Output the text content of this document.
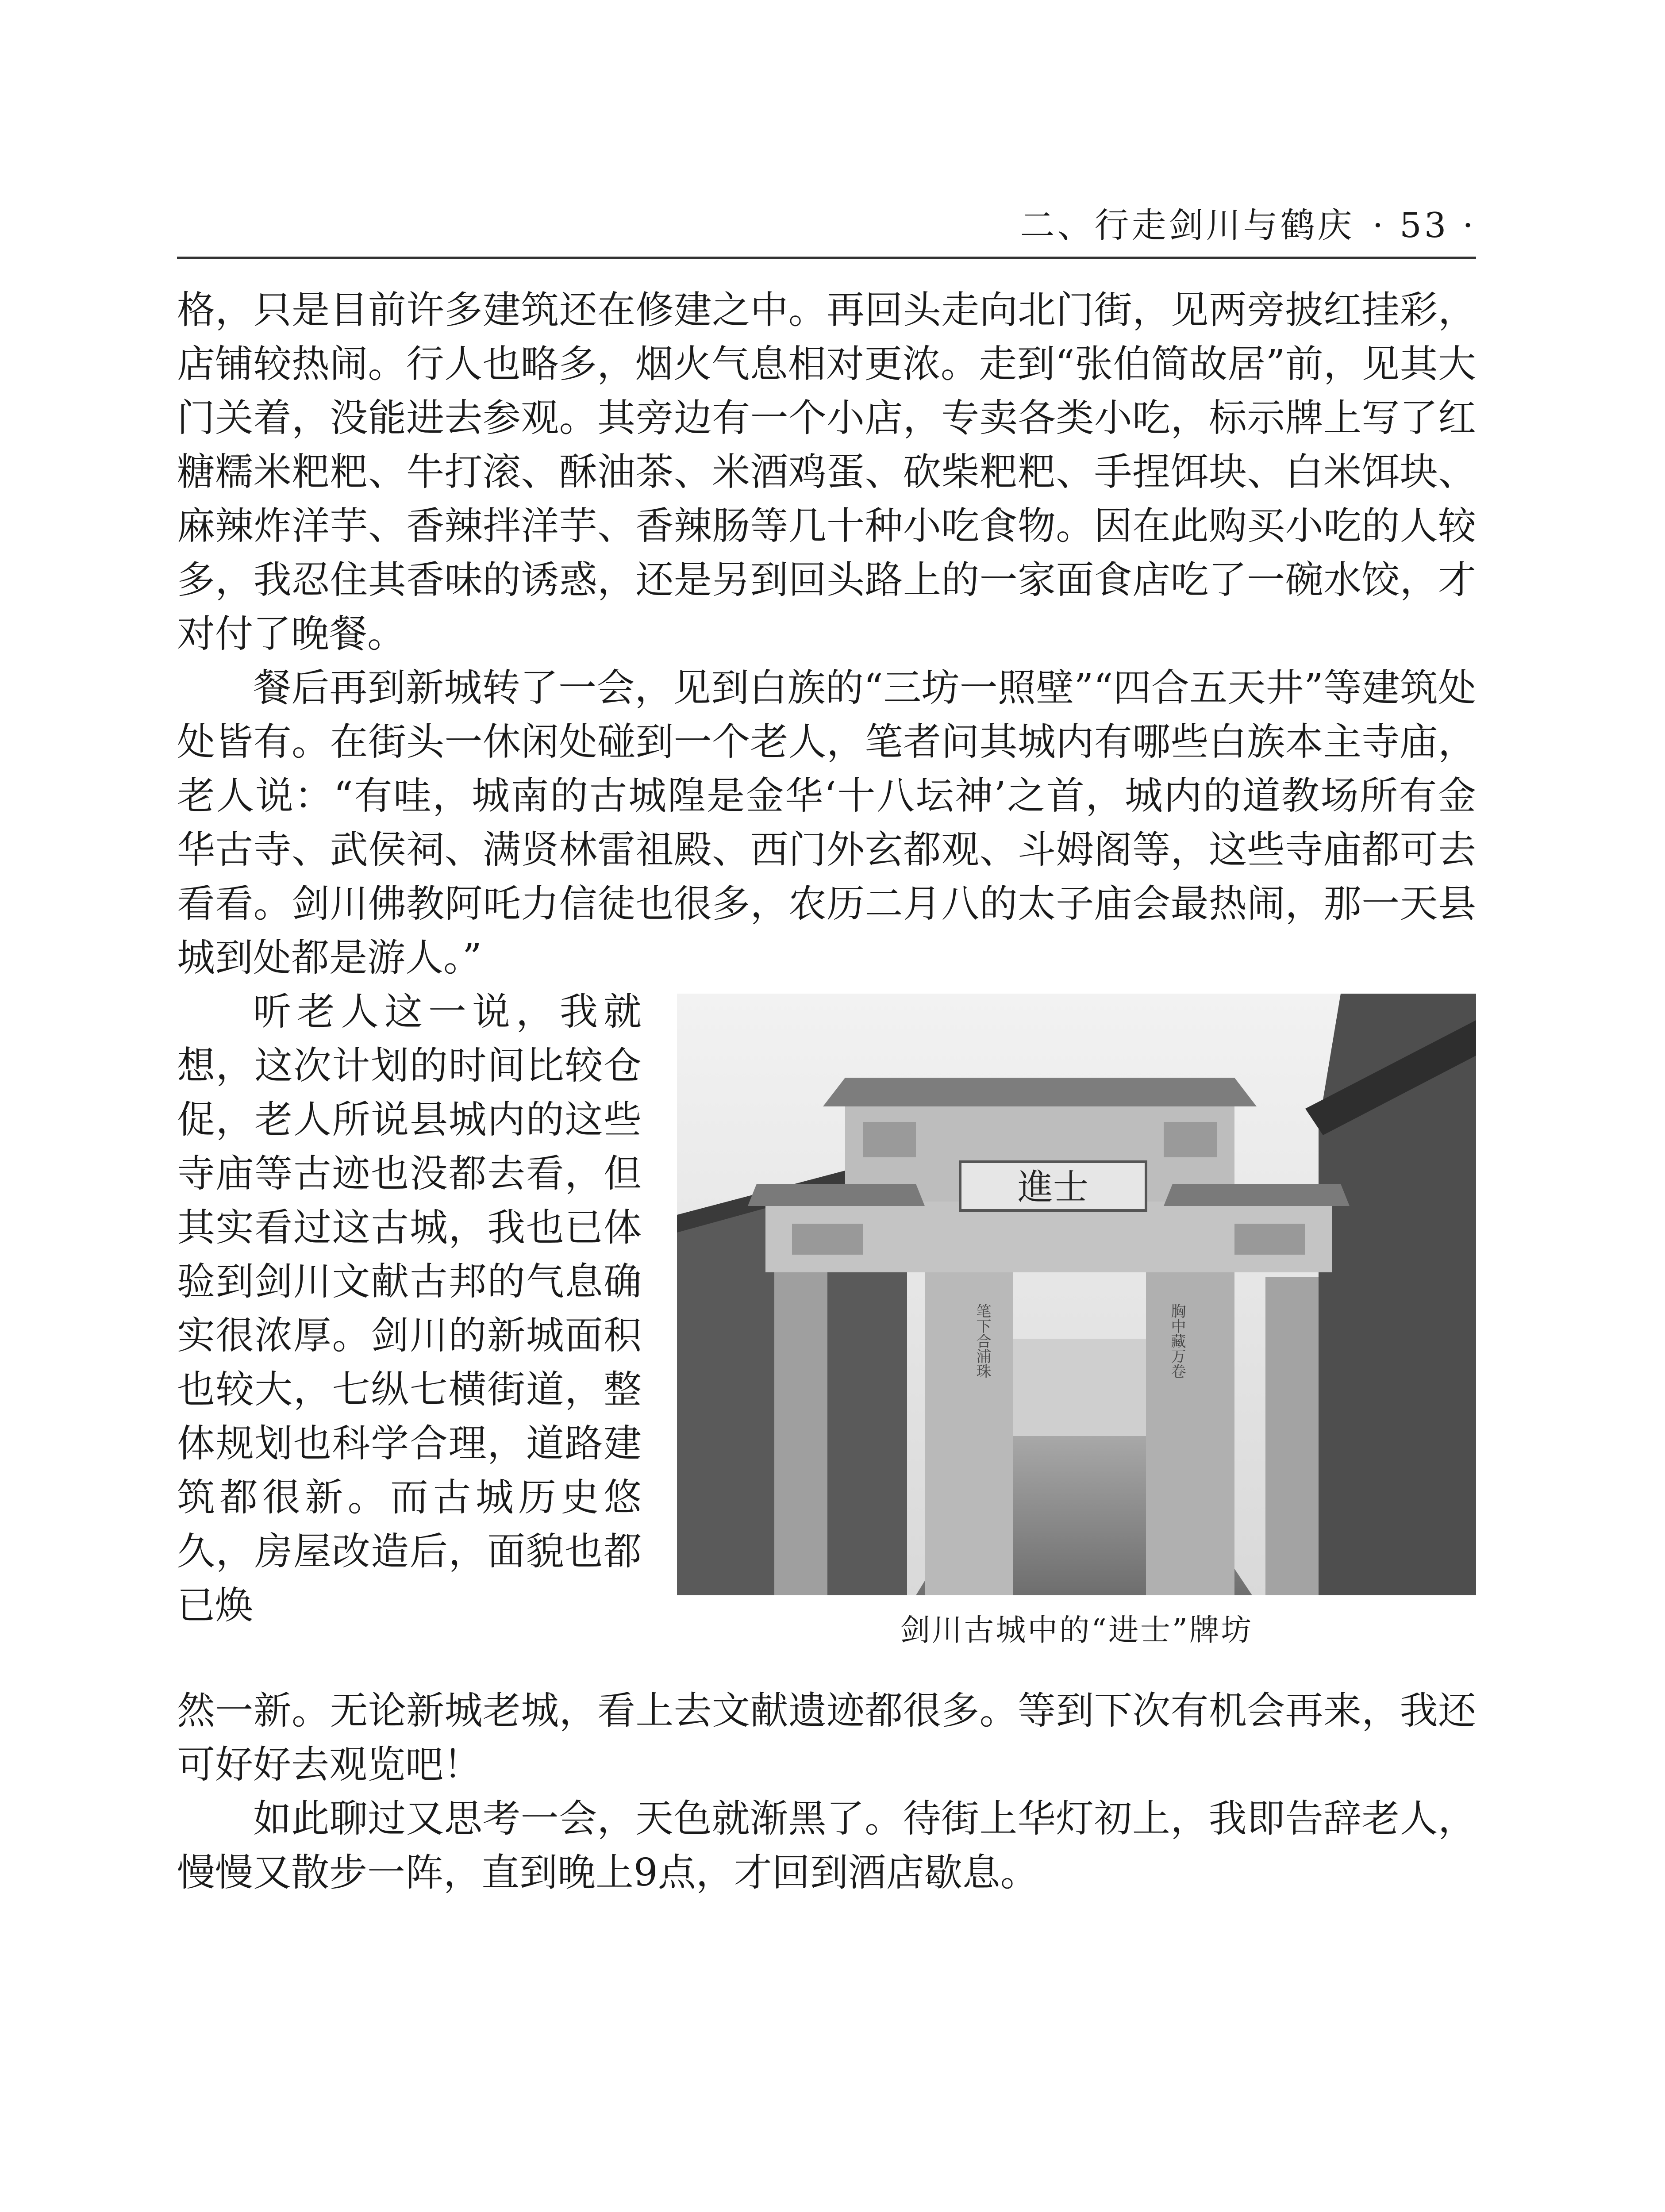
二、行走剑川与鹤庆 · 53 ·

格，只是目前许多建筑还在修建之中。再回头走向北门街，见两旁披红挂彩，店铺较热闹。行人也略多，烟火气息相对更浓。走到“张伯简故居”前，见其大门关着，没能进去参观。其旁边有一个小店，专卖各类小吃，标示牌上写了红糖糯米粑粑、牛打滚、酥油茶、米酒鸡蛋、砍柴粑粑、手捏饵块、白米饵块、麻辣炸洋芋、香辣拌洋芋、香辣肠等几十种小吃食物。因在此购买小吃的人较多，我忍住其香味的诱惑，还是另到回头路上的一家面食店吃了一碗水饺，才对付了晚餐。

餐后再到新城转了一会，见到白族的“三坊一照壁”“四合五天井”等建筑处处皆有。在街头一休闲处碰到一个老人，笔者问其城内有哪些白族本主寺庙，老人说：“有哇，城南的古城隍是金华‘十八坛神’之首，城内的道教场所有金华古寺、武侯祠、满贤林雷祖殿、西门外玄都观、斗姆阁等，这些寺庙都可去看看。剑川佛教阿吒力信徒也很多，农历二月八的太子庙会最热闹，那一天县城到处都是游人。”

听老人这一说，我就想，这次计划的时间比较仓促，老人所说县城内的这些寺庙等古迹也没都去看，但其实看过这古城，我也已体验到剑川文献古邦的气息确实很浓厚。剑川的新城面积也较大，七纵七横街道，整体规划也科学合理，道路建筑都很新。而古城历史悠久，房屋改造后，面貌也都已焕

進士
笔下合浦珠	胸中藏万卷
剑川古城中的“进士”牌坊

然一新。无论新城老城，看上去文献遗迹都很多。等到下次有机会再来，我还可好好去观览吧！

如此聊过又思考一会，天色就渐黑了。待街上华灯初上，我即告辞老人，慢慢又散步一阵，直到晚上9点，才回到酒店歇息。
